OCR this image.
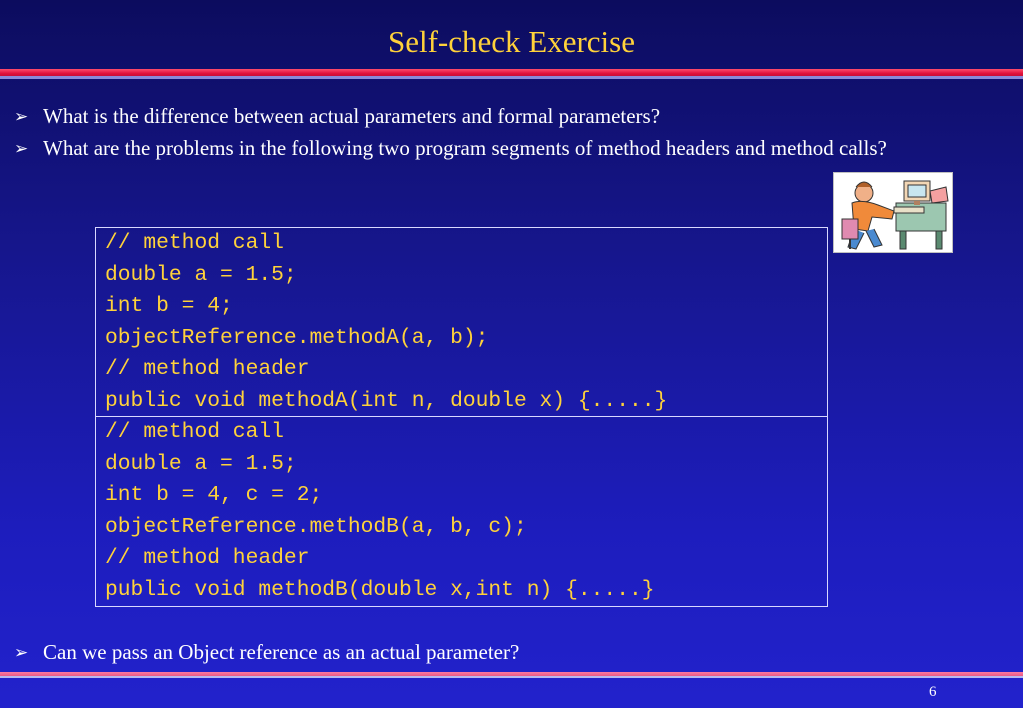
Self-check Exercise
➢ What is the difference between actual parameters and formal parameters?
➢ What are the problems in the following two program segments of method headers and method calls?
// method call
double a = 1.5;
int b = 4;
objectReference.methodA(a, b);
// method header
public void methodA(int n, double x) {.....}
// method call
double a = 1.5;
int b = 4, c = 2;
objectReference.methodB(a, b, c);
// method header
public void methodB(double x,int n) {.....}
➢ Can we pass an Object reference as an actual parameter?
6
